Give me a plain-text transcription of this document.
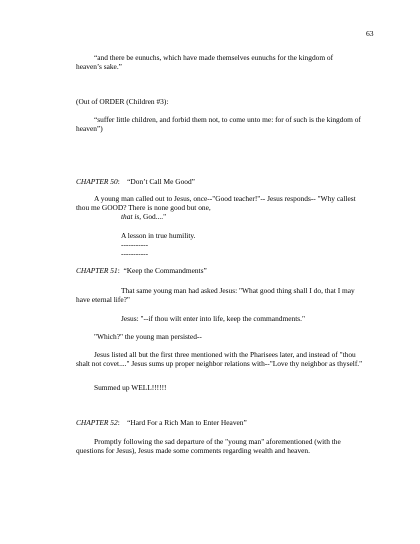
63
“and there be eunuchs, which have made themselves eunuchs for the kingdom of
heaven’s sake.”
(Out of ORDER (Children #3):
“suffer little children, and forbid them not, to come unto me: for of such is the kingdom of
heaven”)
CHAPTER 50:    “Don’t Call Me Good”
A young man called out to Jesus, once--"Good teacher!"-- Jesus responds-- "Why callest
thou me GOOD? There is none good but one,
that is, God...."
A lesson in true humility.
-----------
-----------
CHAPTER 51:  “Keep the Commandments”
That same young man had asked Jesus: "What good thing shall I do, that I may
have eternal life?"
Jesus: "--if thou wilt enter into life, keep the commandments."
"Which?" the young man persisted--
Jesus listed all but the first three mentioned with the Pharisees later, and instead of "thou
shalt not covet...." Jesus sums up proper neighbor relations with--"Love thy neighbor as thyself."
Summed up WELL!!!!!!
CHAPTER 52:    “Hard For a Rich Man to Enter Heaven”
Promptly following the sad departure of the "young man" aforementioned (with the
questions for Jesus), Jesus made some comments regarding wealth and heaven.
